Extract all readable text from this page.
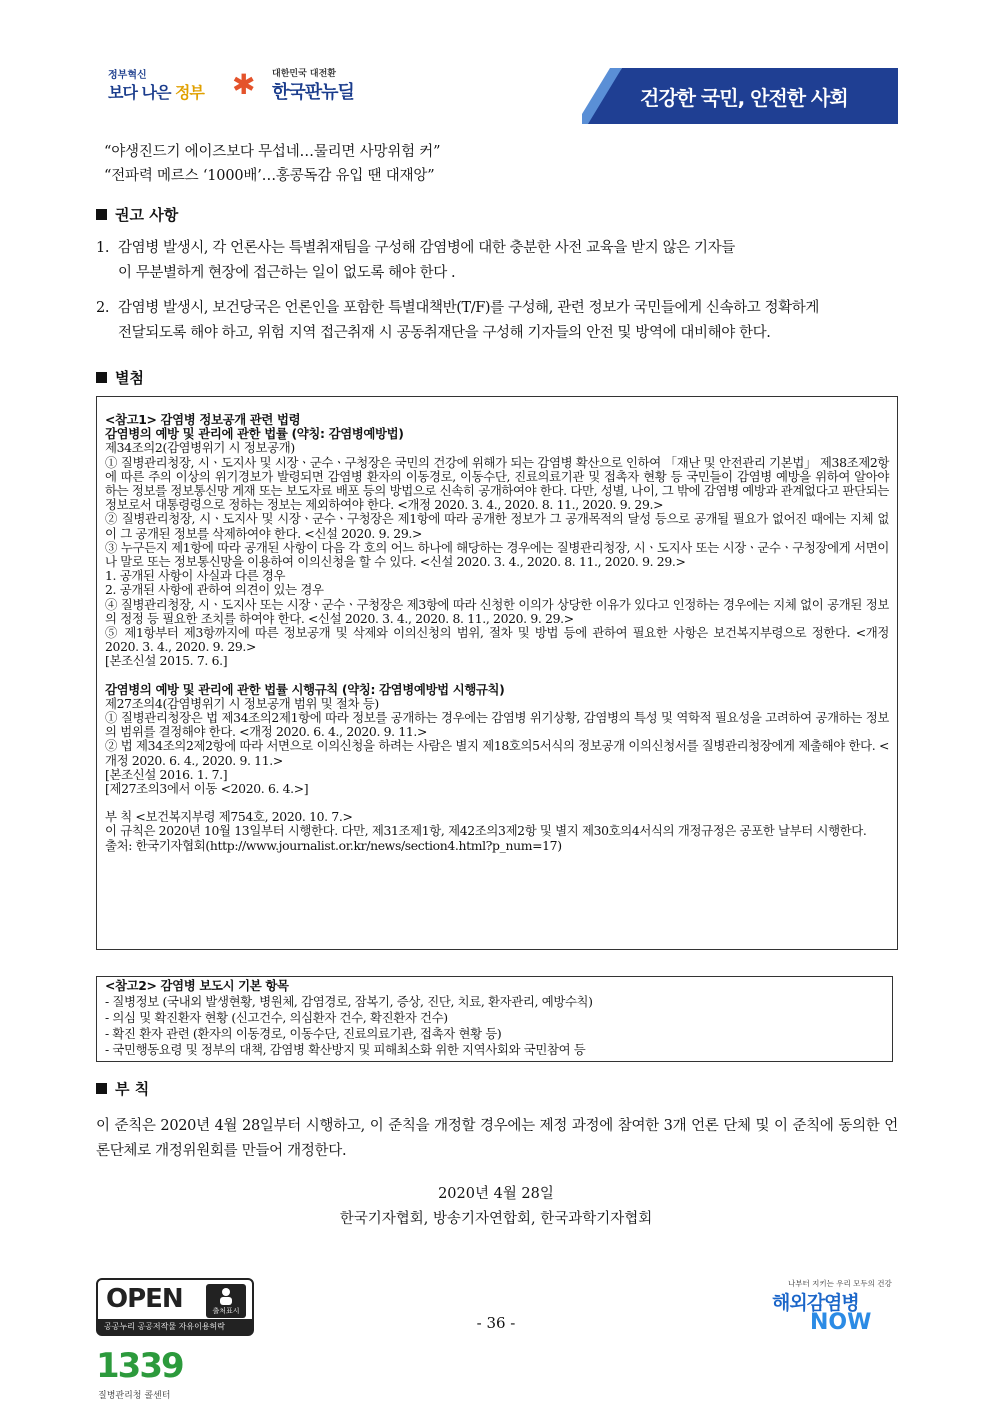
정부혁신
보다 나은 정부 ✱ 대한민국 대전환
한국판뉴딜	건강한 국민, 안전한 사회
“야생진드기 에이즈보다 무섭네…물리면 사망위험 커”
“전파력 메르스 ‘1000배’…홍콩독감 유입 땐 대재앙”
권고 사항
1. 감염병 발생시, 각 언론사는 특별취재팀을 구성해 감염병에 대한 충분한 사전 교육을 받지 않은 기자들
이 무분별하게 현장에 접근하는 일이 없도록 해야 한다 .
2. 감염병 발생시, 보건당국은 언론인을 포함한 특별대책반(T/F)를 구성해, 관련 정보가 국민들에게 신속하고 정확하게
전달되도록 해야 하고, 위험 지역 접근취재 시 공동취재단을 구성해 기자들의 안전 및 방역에 대비해야 한다.
별첨
<참고1> 감염병 정보공개 관련 법령
감염병의 예방 및 관리에 관한 법률 (약칭: 감염병예방법)
제34조의2(감염병위기 시 정보공개)
① 질병관리청장, 시ㆍ도지사 및 시장ㆍ군수ㆍ구청장은 국민의 건강에 위해가 되는 감염병 확산으로 인하여 「재난 및 안전관리 기본법」 제38조제2항에 따른 주의 이상의 위기경보가 발령되면 감염병 환자의 이동경로, 이동수단, 진료의료기관 및 접촉자 현황 등 국민들이 감염병 예방을 위하여 알아야 하는 정보를 정보통신망 게재 또는 보도자료 배포 등의 방법으로 신속히 공개하여야 한다. 다만, 성별, 나이, 그 밖에 감염병 예방과 관계없다고 판단되는 정보로서 대통령령으로 정하는 정보는 제외하여야 한다. <개정 2020. 3. 4., 2020. 8. 11., 2020. 9. 29.>
② 질병관리청장, 시ㆍ도지사 및 시장ㆍ군수ㆍ구청장은 제1항에 따라 공개한 정보가 그 공개목적의 달성 등으로 공개될 필요가 없어진 때에는 지체 없이 그 공개된 정보를 삭제하여야 한다. <신설 2020. 9. 29.>
③ 누구든지 제1항에 따라 공개된 사항이 다음 각 호의 어느 하나에 해당하는 경우에는 질병관리청장, 시ㆍ도지사 또는 시장ㆍ군수ㆍ구청장에게 서면이나 말로 또는 정보통신망을 이용하여 이의신청을 할 수 있다. <신설 2020. 3. 4., 2020. 8. 11., 2020. 9. 29.>
1. 공개된 사항이 사실과 다른 경우
2. 공개된 사항에 관하여 의견이 있는 경우
④ 질병관리청장, 시ㆍ도지사 또는 시장ㆍ군수ㆍ구청장은 제3항에 따라 신청한 이의가 상당한 이유가 있다고 인정하는 경우에는 지체 없이 공개된 정보의 정정 등 필요한 조치를 하여야 한다. <신설 2020. 3. 4., 2020. 8. 11., 2020. 9. 29.>
⑤ 제1항부터 제3항까지에 따른 정보공개 및 삭제와 이의신청의 범위, 절차 및 방법 등에 관하여 필요한 사항은 보건복지부령으로 정한다. <개정 2020. 3. 4., 2020. 9. 29.>
[본조신설 2015. 7. 6.]
감염병의 예방 및 관리에 관한 법률 시행규칙 (약칭: 감염병예방법 시행규칙)
제27조의4(감염병위기 시 정보공개 범위 및 절차 등)
① 질병관리청장은 법 제34조의2제1항에 따라 정보를 공개하는 경우에는 감염병 위기상황, 감염병의 특성 및 역학적 필요성을 고려하여 공개하는 정보의 범위를 결정해야 한다. <개정 2020. 6. 4., 2020. 9. 11.>
② 법 제34조의2제2항에 따라 서면으로 이의신청을 하려는 사람은 별지 제18호의5서식의 정보공개 이의신청서를 질병관리청장에게 제출해야 한다. <개정 2020. 6. 4., 2020. 9. 11.>
[본조신설 2016. 1. 7.]
[제27조의3에서 이동 <2020. 6. 4.>]
부 칙 <보건복지부령 제754호, 2020. 10. 7.>
이 규칙은 2020년 10월 13일부터 시행한다. 다만, 제31조제1항, 제42조의3제2항 및 별지 제30호의4서식의 개정규정은 공포한 날부터 시행한다.
출처: 한국기자협회(http://www.journalist.or.kr/news/section4.html?p_num=17)
<참고2> 감염병 보도시 기본 항목
- 질병정보 (국내외 발생현황, 병원체, 감염경로, 잠복기, 증상, 진단, 치료, 환자관리, 예방수칙)
- 의심 및 확진환자 현황 (신고건수, 의심환자 건수, 확진환자 건수)
- 확진 환자 관련 (환자의 이동경로, 이동수단, 진료의료기관, 접촉자 현황 등)
- 국민행동요령 및 정부의 대책, 감염병 확산방지 및 피해최소화 위한 지역사회와 국민참여 등
부 칙
이 준칙은 2020년 4월 28일부터 시행하고, 이 준칙을 개정할 경우에는 제정 과정에 참여한 3개 언론 단체 및 이 준칙에 동의한 언론단체로 개정위원회를 만들어 개정한다.
2020년 4월 28일
한국기자협회, 방송기자연합회, 한국과학기자협회
OPEN	출처표시
공공누리 공공저작물 자유이용허락	- 36 -
1339
질병관리청 콜센터
나부터 지키는 우리 모두의 건강
해외감염병
NOW
